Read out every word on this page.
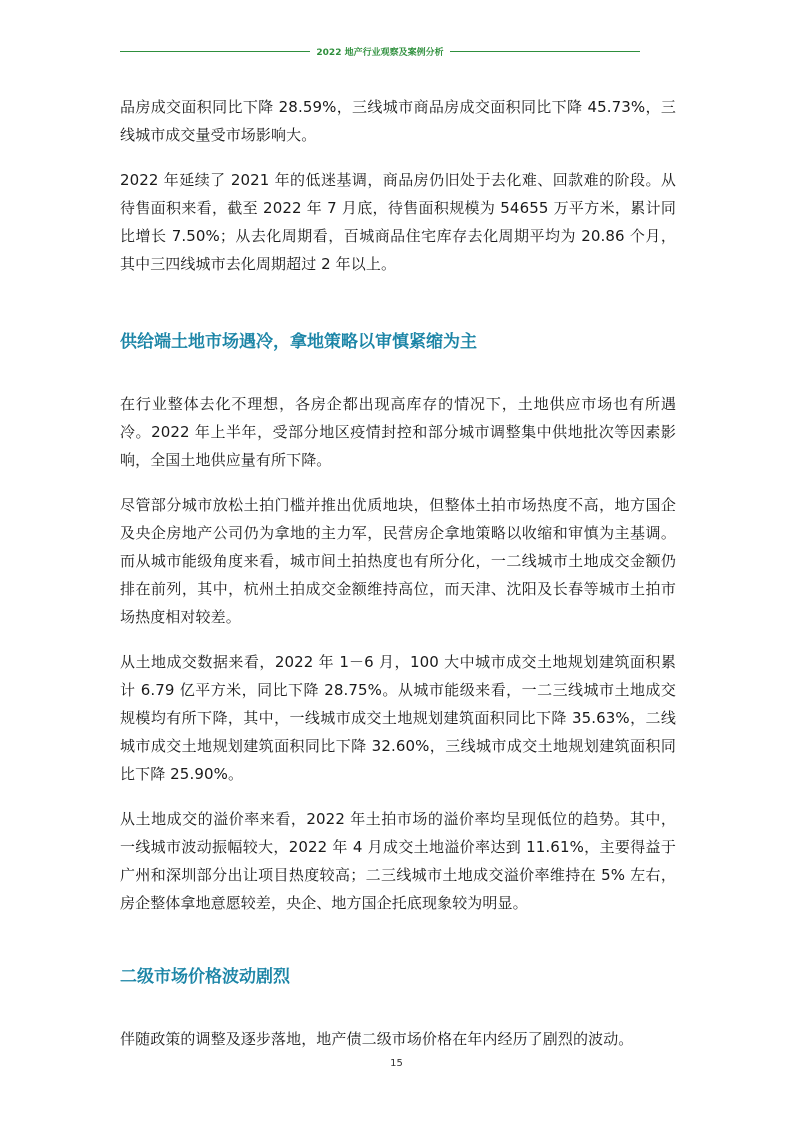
2022 地产行业观察及案例分析

品房成交面积同比下降 28.59%，三线城市商品房成交面积同比下降 45.73%，三线城市成交量受市场影响大。

2022 年延续了 2021 年的低迷基调，商品房仍旧处于去化难、回款难的阶段。从待售面积来看，截至 2022 年 7 月底，待售面积规模为 54655 万平方米，累计同比增长 7.50%；从去化周期看，百城商品住宅库存去化周期平均为 20.86 个月，其中三四线城市去化周期超过 2 年以上。

供给端土地市场遇冷，拿地策略以审慎紧缩为主

在行业整体去化不理想，各房企都出现高库存的情况下，土地供应市场也有所遇冷。2022 年上半年，受部分地区疫情封控和部分城市调整集中供地批次等因素影响，全国土地供应量有所下降。

尽管部分城市放松土拍门槛并推出优质地块，但整体土拍市场热度不高，地方国企及央企房地产公司仍为拿地的主力军，民营房企拿地策略以收缩和审慎为主基调。而从城市能级角度来看，城市间土拍热度也有所分化，一二线城市土地成交金额仍排在前列，其中，杭州土拍成交金额维持高位，而天津、沈阳及长春等城市土拍市场热度相对较差。

从土地成交数据来看，2022 年 1－6 月，100 大中城市成交土地规划建筑面积累计 6.79 亿平方米，同比下降 28.75%。从城市能级来看，一二三线城市土地成交规模均有所下降，其中，一线城市成交土地规划建筑面积同比下降 35.63%，二线城市成交土地规划建筑面积同比下降 32.60%，三线城市成交土地规划建筑面积同比下降 25.90%。

从土地成交的溢价率来看，2022 年土拍市场的溢价率均呈现低位的趋势。其中，一线城市波动振幅较大，2022 年 4 月成交土地溢价率达到 11.61%，主要得益于广州和深圳部分出让项目热度较高；二三线城市土地成交溢价率维持在 5% 左右，房企整体拿地意愿较差，央企、地方国企托底现象较为明显。

二级市场价格波动剧烈

伴随政策的调整及逐步落地，地产债二级市场价格在年内经历了剧烈的波动。

15
